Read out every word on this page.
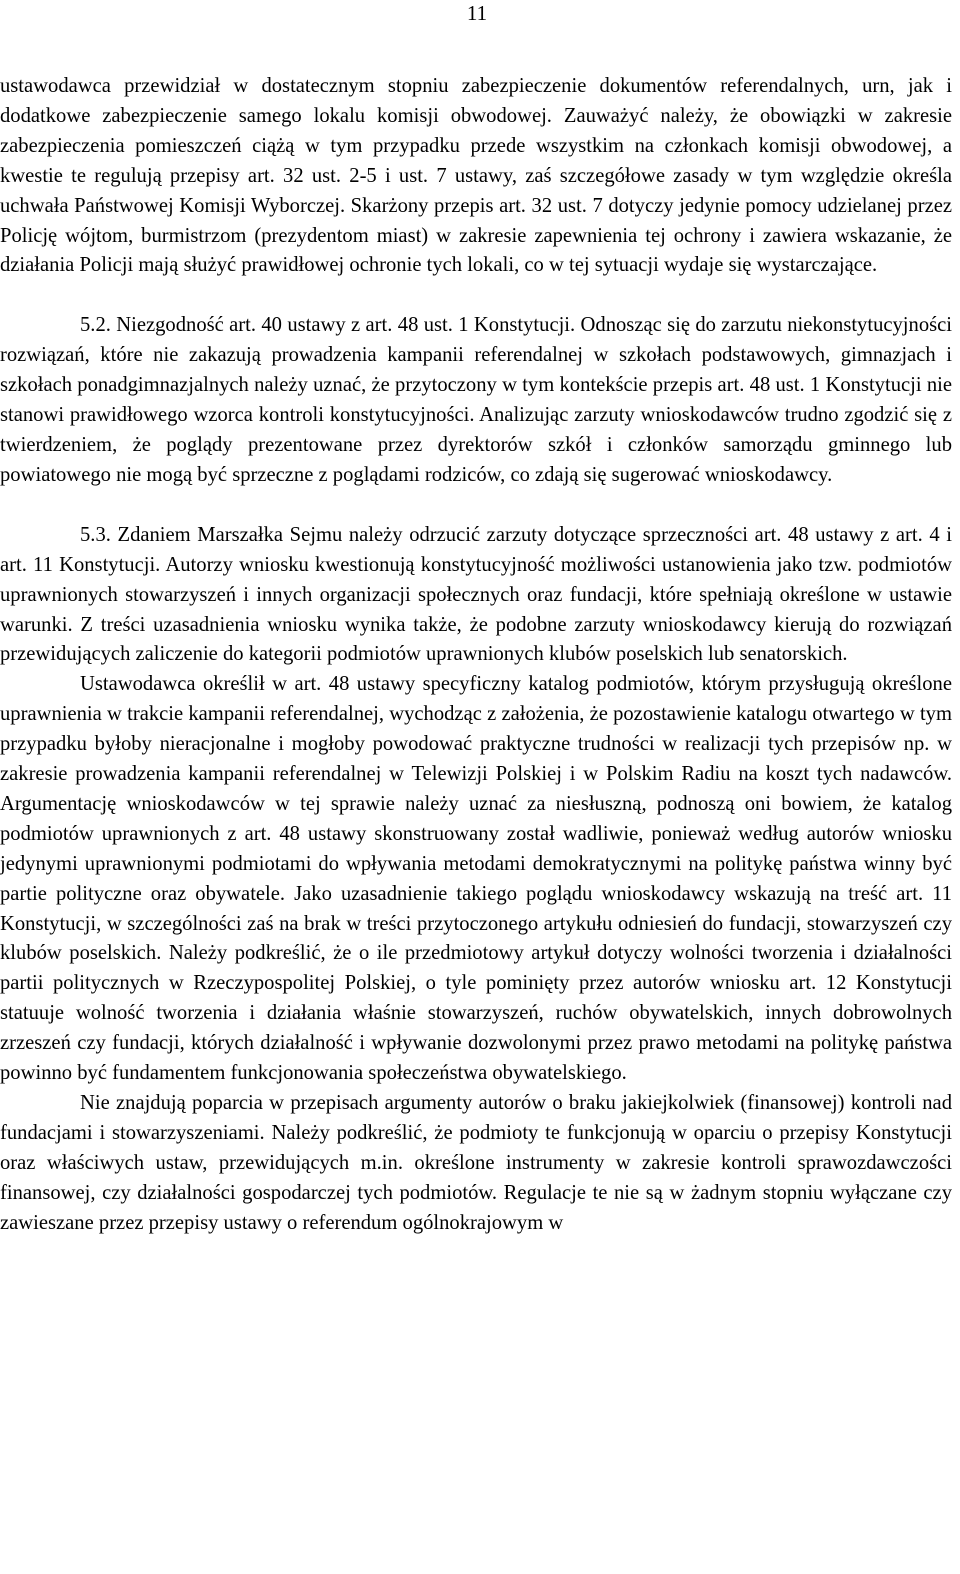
11

ustawodawca przewidział w dostatecznym stopniu zabezpieczenie dokumentów referendalnych, urn, jak i dodatkowe zabezpieczenie samego lokalu komisji obwodowej. Zauważyć należy, że obowiązki w zakresie zabezpieczenia pomieszczeń ciążą w tym przypadku przede wszystkim na członkach komisji obwodowej, a kwestie te regulują przepisy art. 32 ust. 2-5 i ust. 7 ustawy, zaś szczegółowe zasady w tym względzie określa uchwała Państwowej Komisji Wyborczej. Skarżony przepis art. 32 ust. 7 dotyczy jedynie pomocy udzielanej przez Policję wójtom, burmistrzom (prezydentom miast) w zakresie zapewnienia tej ochrony i zawiera wskazanie, że działania Policji mają służyć prawidłowej ochronie tych lokali, co w tej sytuacji wydaje się wystarczające.

5.2. Niezgodność art. 40 ustawy z art. 48 ust. 1 Konstytucji. Odnosząc się do zarzutu niekonstytucyjności rozwiązań, które nie zakazują prowadzenia kampanii referendalnej w szkołach podstawowych, gimnazjach i szkołach ponadgimnazjalnych należy uznać, że przytoczony w tym kontekście przepis art. 48 ust. 1 Konstytucji nie stanowi prawidłowego wzorca kontroli konstytucyjności. Analizując zarzuty wnioskodawców trudno zgodzić się z twierdzeniem, że poglądy prezentowane przez dyrektorów szkół i członków samorządu gminnego lub powiatowego nie mogą być sprzeczne z poglądami rodziców, co zdają się sugerować wnioskodawcy.

5.3. Zdaniem Marszałka Sejmu należy odrzucić zarzuty dotyczące sprzeczności art. 48 ustawy z art. 4 i art. 11 Konstytucji. Autorzy wniosku kwestionują konstytucyjność możliwości ustanowienia jako tzw. podmiotów uprawnionych stowarzyszeń i innych organizacji społecznych oraz fundacji, które spełniają określone w ustawie warunki. Z treści uzasadnienia wniosku wynika także, że podobne zarzuty wnioskodawcy kierują do rozwiązań przewidujących zaliczenie do kategorii podmiotów uprawnionych klubów poselskich lub senatorskich.

Ustawodawca określił w art. 48 ustawy specyficzny katalog podmiotów, którym przysługują określone uprawnienia w trakcie kampanii referendalnej, wychodząc z założenia, że pozostawienie katalogu otwartego w tym przypadku byłoby nieracjonalne i mogłoby powodować praktyczne trudności w realizacji tych przepisów np. w zakresie prowadzenia kampanii referendalnej w Telewizji Polskiej i w Polskim Radiu na koszt tych nadawców. Argumentację wnioskodawców w tej sprawie należy uznać za niesłuszną, podnoszą oni bowiem, że katalog podmiotów uprawnionych z art. 48 ustawy skonstruowany został wadliwie, ponieważ według autorów wniosku jedynymi uprawnionymi podmiotami do wpływania metodami demokratycznymi na politykę państwa winny być partie polityczne oraz obywatele. Jako uzasadnienie takiego poglądu wnioskodawcy wskazują na treść art. 11 Konstytucji, w szczególności zaś na brak w treści przytoczonego artykułu odniesień do fundacji, stowarzyszeń czy klubów poselskich. Należy podkreślić, że o ile przedmiotowy artykuł dotyczy wolności tworzenia i działalności partii politycznych w Rzeczypospolitej Polskiej, o tyle pominięty przez autorów wniosku art. 12 Konstytucji statuuje wolność tworzenia i działania właśnie stowarzyszeń, ruchów obywatelskich, innych dobrowolnych zrzeszeń czy fundacji, których działalność i wpływanie dozwolonymi przez prawo metodami na politykę państwa powinno być fundamentem funkcjonowania społeczeństwa obywatelskiego.

Nie znajdują poparcia w przepisach argumenty autorów o braku jakiejkolwiek (finansowej) kontroli nad fundacjami i stowarzyszeniami. Należy podkreślić, że podmioty te funkcjonują w oparciu o przepisy Konstytucji oraz właściwych ustaw, przewidujących m.in. określone instrumenty w zakresie kontroli sprawozdawczości finansowej, czy działalności gospodarczej tych podmiotów. Regulacje te nie są w żadnym stopniu wyłączane czy zawieszane przez przepisy ustawy o referendum ogólnokrajowym w
